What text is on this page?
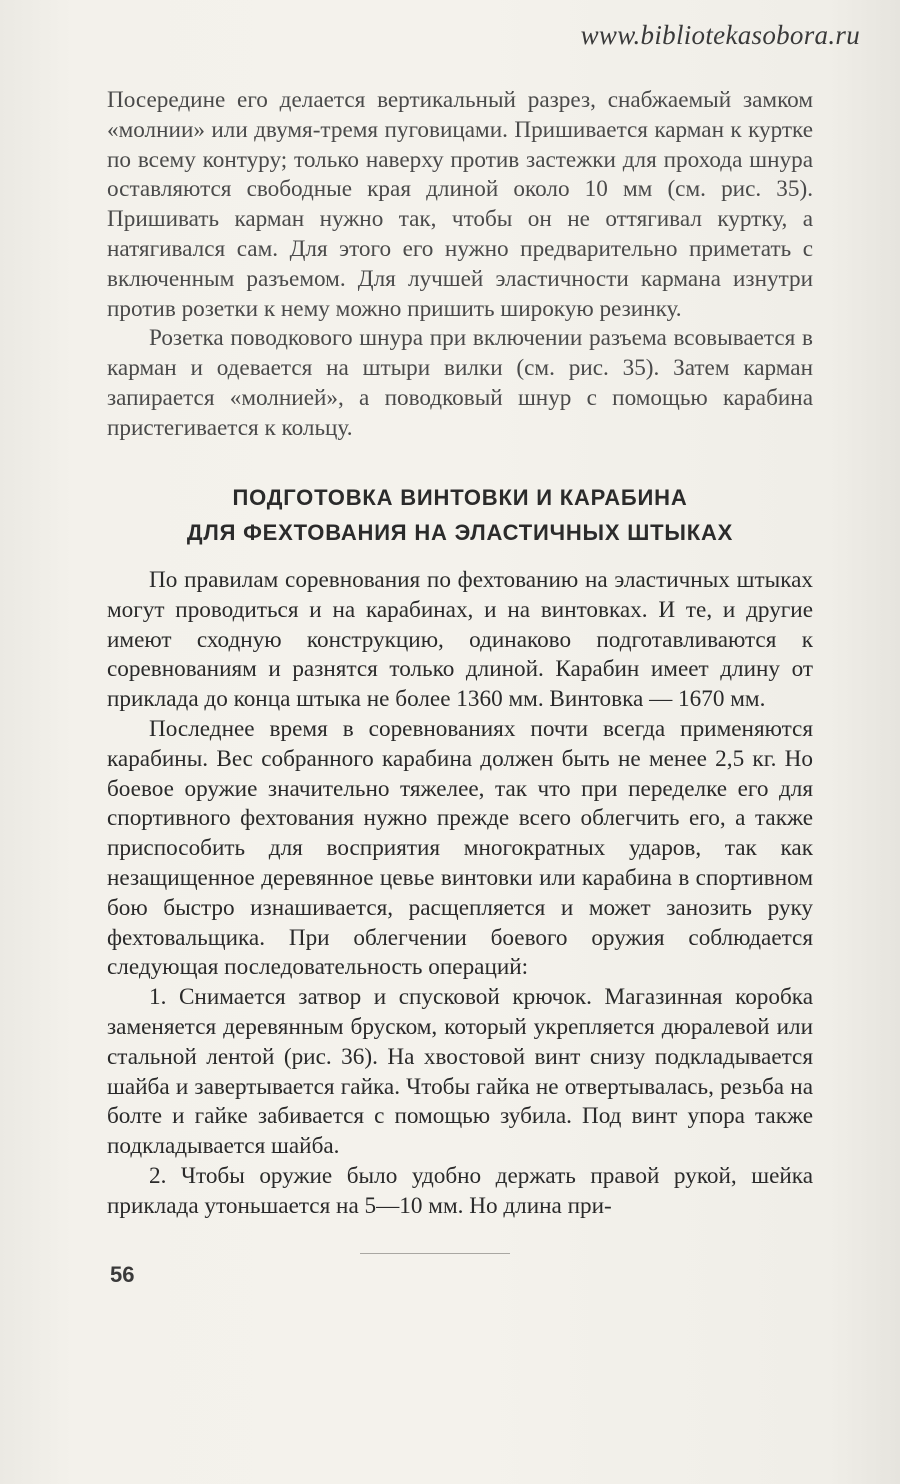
www.bibliotekasobora.ru

Посередине его делается вертикальный разрез, снабжаемый замком «молнии» или двумя-тремя пуговицами. Пришивается карман к куртке по всему контуру; только наверху против застежки для прохода шнура оставляются свободные края длиной около 10 мм (см. рис. 35). Пришивать карман нужно так, чтобы он не оттягивал куртку, а натягивался сам. Для этого его нужно предварительно приметать с включенным разъемом. Для лучшей эластичности кармана изнутри против розетки к нему можно пришить широкую резинку.

Розетка поводкового шнура при включении разъема всовывается в карман и одевается на штыри вилки (см. рис. 35). Затем карман запирается «молнией», а поводковый шнур с помощью карабина пристегивается к кольцу.

ПОДГОТОВКА ВИНТОВКИ И КАРАБИНА
ДЛЯ ФЕХТОВАНИЯ НА ЭЛАСТИЧНЫХ ШТЫКАХ

По правилам соревнования по фехтованию на эластичных штыках могут проводиться и на карабинах, и на винтовках. И те, и другие имеют сходную конструкцию, одинаково подготавливаются к соревнованиям и разнятся только длиной. Карабин имеет длину от приклада до конца штыка не более 1360 мм. Винтовка — 1670 мм.

Последнее время в соревнованиях почти всегда применяются карабины. Вес собранного карабина должен быть не менее 2,5 кг. Но боевое оружие значительно тяжелее, так что при переделке его для спортивного фехтования нужно прежде всего облегчить его, а также приспособить для восприятия многократных ударов, так как незащищенное деревянное цевье винтовки или карабина в спортивном бою быстро изнашивается, расщепляется и может занозить руку фехтовальщика. При облегчении боевого оружия соблюдается следующая последовательность операций:

1. Снимается затвор и спусковой крючок. Магазинная коробка заменяется деревянным бруском, который укрепляется дюралевой или стальной лентой (рис. 36). На хвостовой винт снизу подкладывается шайба и завертывается гайка. Чтобы гайка не отвертывалась, резьба на болте и гайке забивается с помощью зубила. Под винт упора также подкладывается шайба.

2. Чтобы оружие было удобно держать правой рукой, шейка приклада утоньшается на 5—10 мм. Но длина при-

56
